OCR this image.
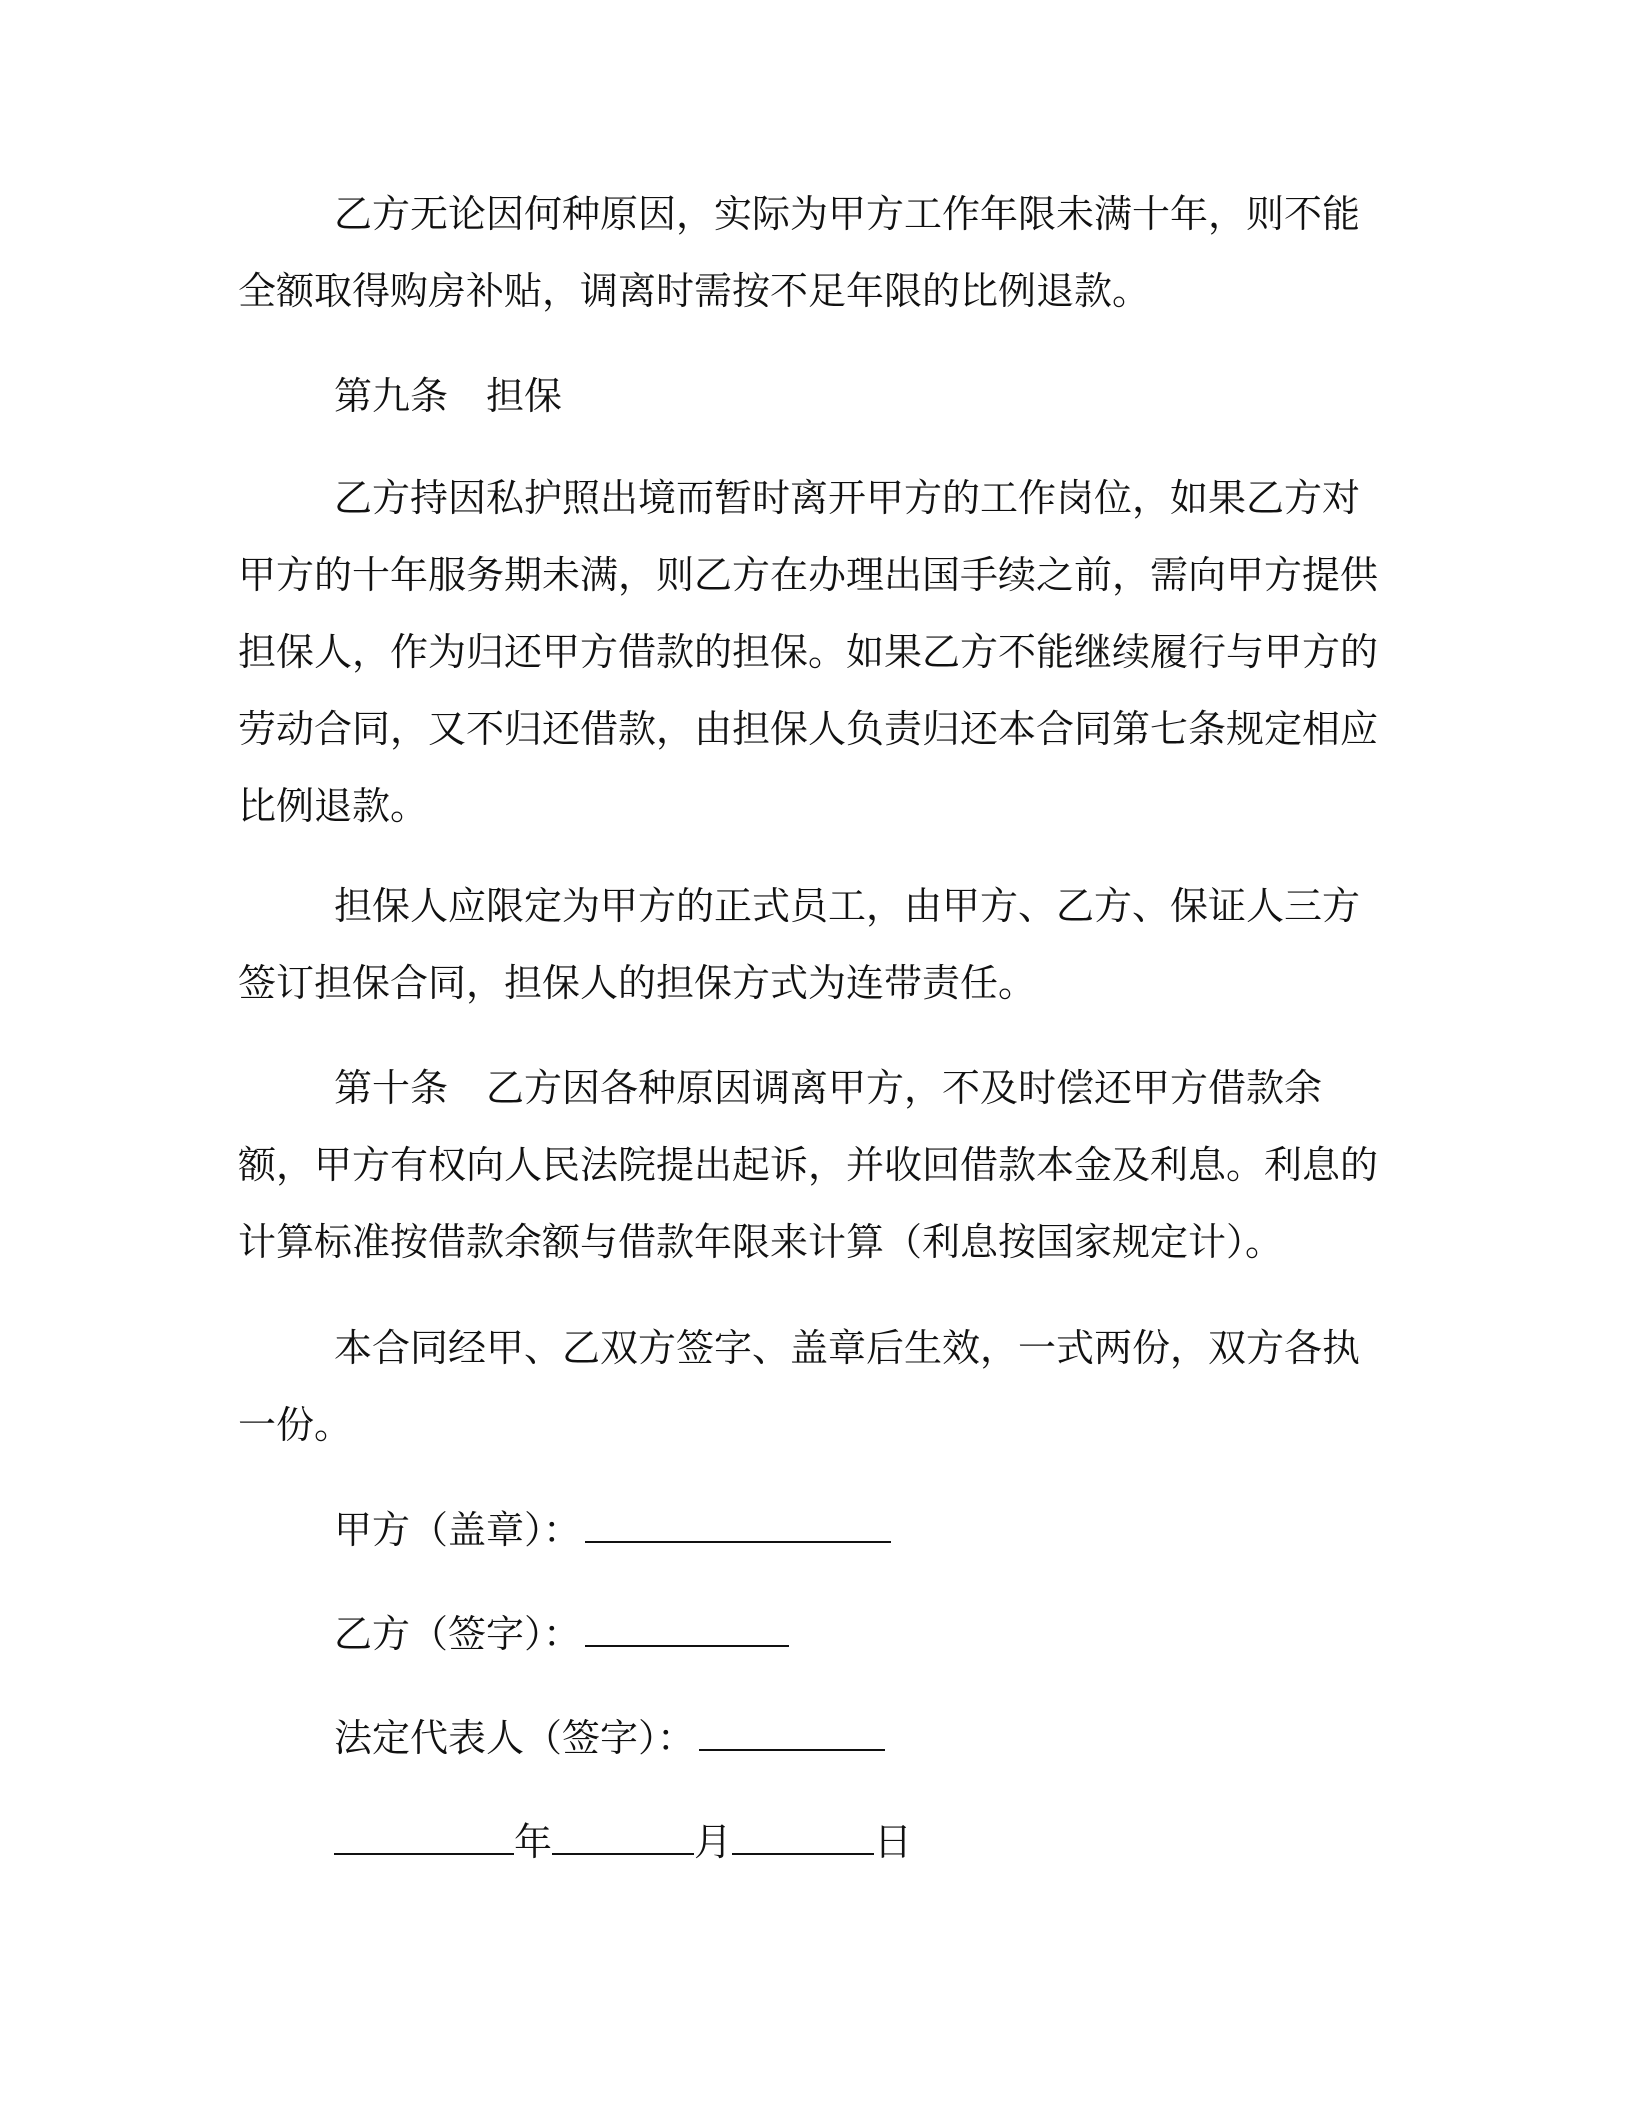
乙方无论因何种原因，实际为甲方工作年限未满十年，则不能全额取得购房补贴，调离时需按不足年限的比例退款。

第九条　担保

乙方持因私护照出境而暂时离开甲方的工作岗位，如果乙方对甲方的十年服务期未满，则乙方在办理出国手续之前，需向甲方提供担保人，作为归还甲方借款的担保。如果乙方不能继续履行与甲方的劳动合同，又不归还借款，由担保人负责归还本合同第七条规定相应比例退款。

担保人应限定为甲方的正式员工，由甲方、乙方、保证人三方签订担保合同，担保人的担保方式为连带责任。

第十条　乙方因各种原因调离甲方，不及时偿还甲方借款余额，甲方有权向人民法院提出起诉，并收回借款本金及利息。利息的计算标准按借款余额与借款年限来计算（利息按国家规定计）。

本合同经甲、乙双方签字、盖章后生效，一式两份，双方各执一份。

甲方（盖章）：

乙方（签字）：

法定代表人（签字）：

年	月	日
